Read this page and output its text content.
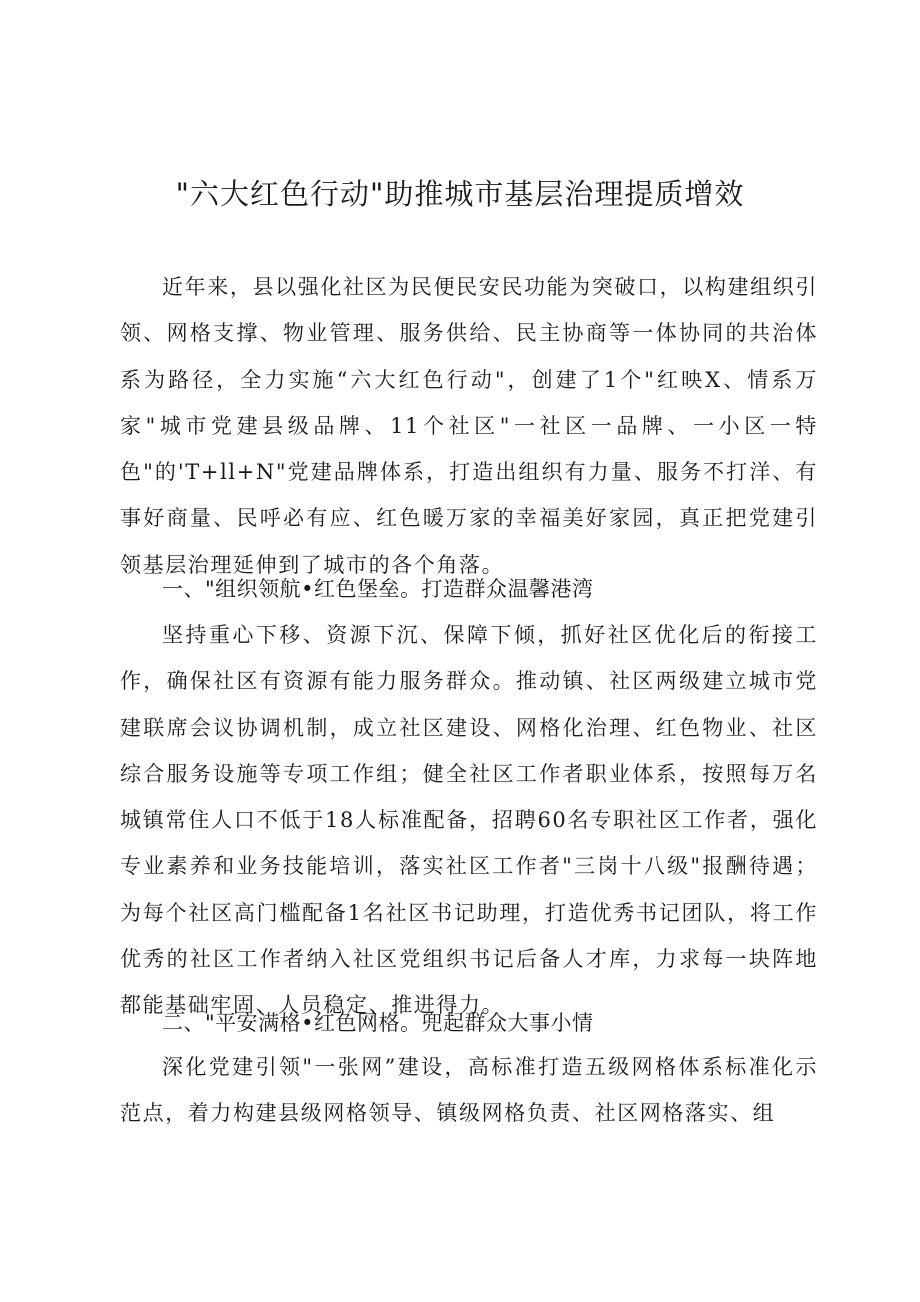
"六大红色行动"助推城市基层治理提质增效

近年来，县以强化社区为民便民安民功能为突破口，以构建组织引领、网格支撑、物业管理、服务供给、民主协商等一体协同的共治体系为路径，全力实施“六大红色行动"，创建了1个"红映X、情系万家"城市党建县级品牌、11个社区"一社区一品牌、一小区一特色"的'T+ll+N"党建品牌体系，打造出组织有力量、服务不打洋、有事好商量、民呼必有应、红色暖万家的幸福美好家园，真正把党建引领基层治理延伸到了城市的各个角落。

一、"组织领航•红色堡垒。打造群众温馨港湾

坚持重心下移、资源下沉、保障下倾，抓好社区优化后的衔接工作，确保社区有资源有能力服务群众。推动镇、社区两级建立城市党建联席会议协调机制，成立社区建设、网格化治理、红色物业、社区综合服务设施等专项工作组；健全社区工作者职业体系，按照每万名城镇常住人口不低于18人标准配备，招聘60名专职社区工作者，强化专业素养和业务技能培训，落实社区工作者"三岗十八级"报酬待遇；为每个社区高门槛配备1名社区书记助理，打造优秀书记团队，将工作优秀的社区工作者纳入社区党组织书记后备人才库，力求每一块阵地都能基础牢固、人员稳定、推进得力。

二、"平安满格•红色网格。兜起群众大事小情

深化党建引领"一张网”建设，高标准打造五级网格体系标准化示范点，着力构建县级网格领导、镇级网格负责、社区网格落实、组
